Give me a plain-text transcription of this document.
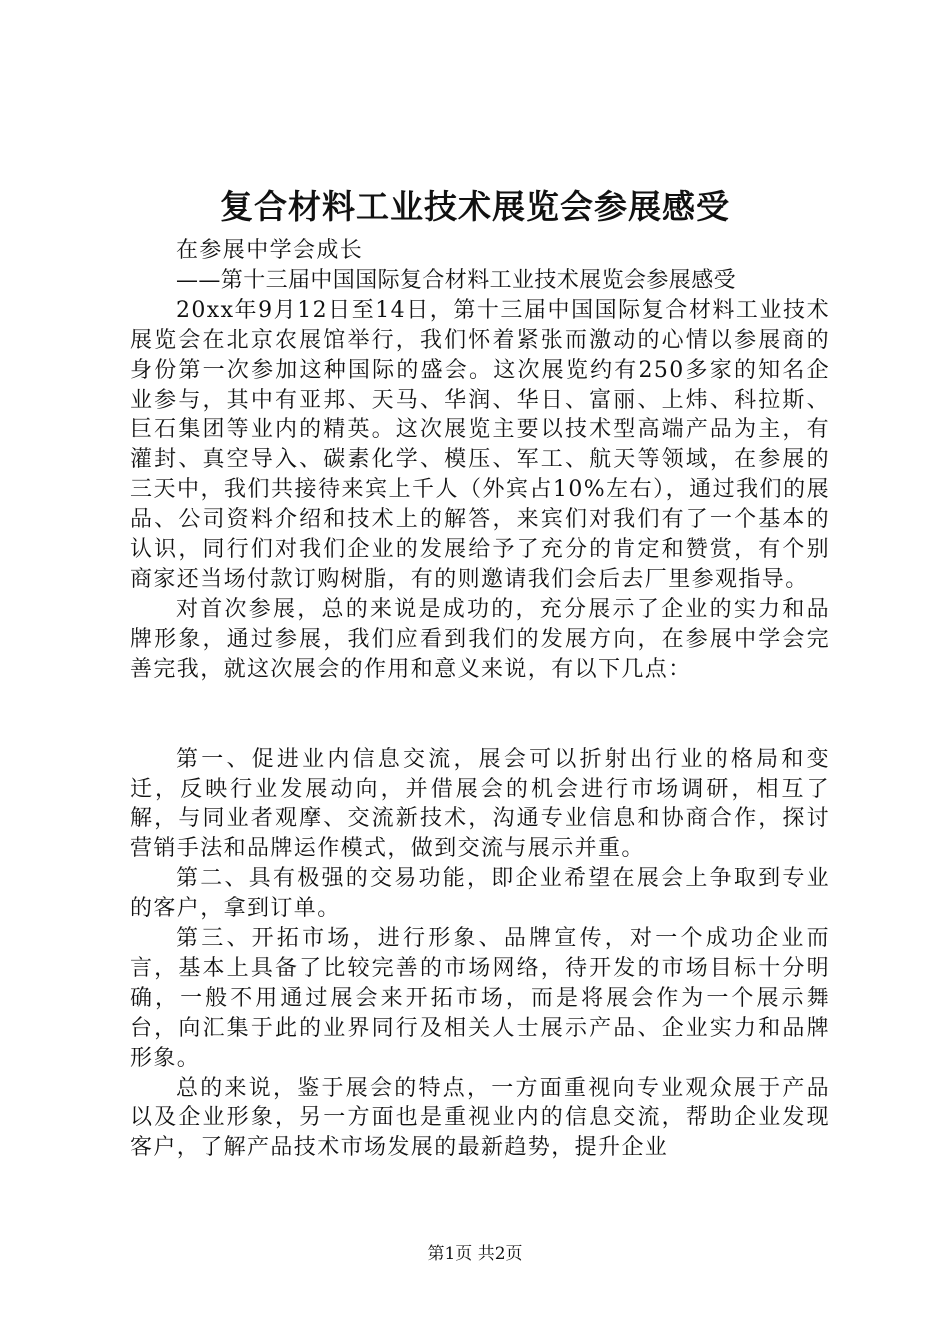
复合材料工业技术展览会参展感受

在参展中学会成长

——第十三届中国国际复合材料工业技术展览会参展感受

20xx年9月12日至14日，第十三届中国国际复合材料工业技术展览会在北京农展馆举行，我们怀着紧张而激动的心情以参展商的身份第一次参加这种国际的盛会。这次展览约有250多家的知名企业参与，其中有亚邦、天马、华润、华日、富丽、上炜、科拉斯、巨石集团等业内的精英。这次展览主要以技术型高端产品为主，有灌封、真空导入、碳素化学、模压、军工、航天等领域，在参展的三天中，我们共接待来宾上千人（外宾占10%左右），通过我们的展品、公司资料介绍和技术上的解答，来宾们对我们有了一个基本的认识，同行们对我们企业的发展给予了充分的肯定和赞赏，有个别商家还当场付款订购树脂，有的则邀请我们会后去厂里参观指导。

对首次参展，总的来说是成功的，充分展示了企业的实力和品牌形象，通过参展，我们应看到我们的发展方向，在参展中学会完善完我，就这次展会的作用和意义来说，有以下几点：

第一、促进业内信息交流，展会可以折射出行业的格局和变迁，反映行业发展动向，并借展会的机会进行市场调研，相互了解，与同业者观摩、交流新技术，沟通专业信息和协商合作，探讨营销手法和品牌运作模式，做到交流与展示并重。

第二、具有极强的交易功能，即企业希望在展会上争取到专业的客户，拿到订单。

第三、开拓市场，进行形象、品牌宣传，对一个成功企业而言，基本上具备了比较完善的市场网络，待开发的市场目标十分明确，一般不用通过展会来开拓市场，而是将展会作为一个展示舞台，向汇集于此的业界同行及相关人士展示产品、企业实力和品牌形象。

总的来说，鉴于展会的特点，一方面重视向专业观众展于产品以及企业形象，另一方面也是重视业内的信息交流，帮助企业发现客户，了解产品技术市场发展的最新趋势，提升企业

第1页 共2页
